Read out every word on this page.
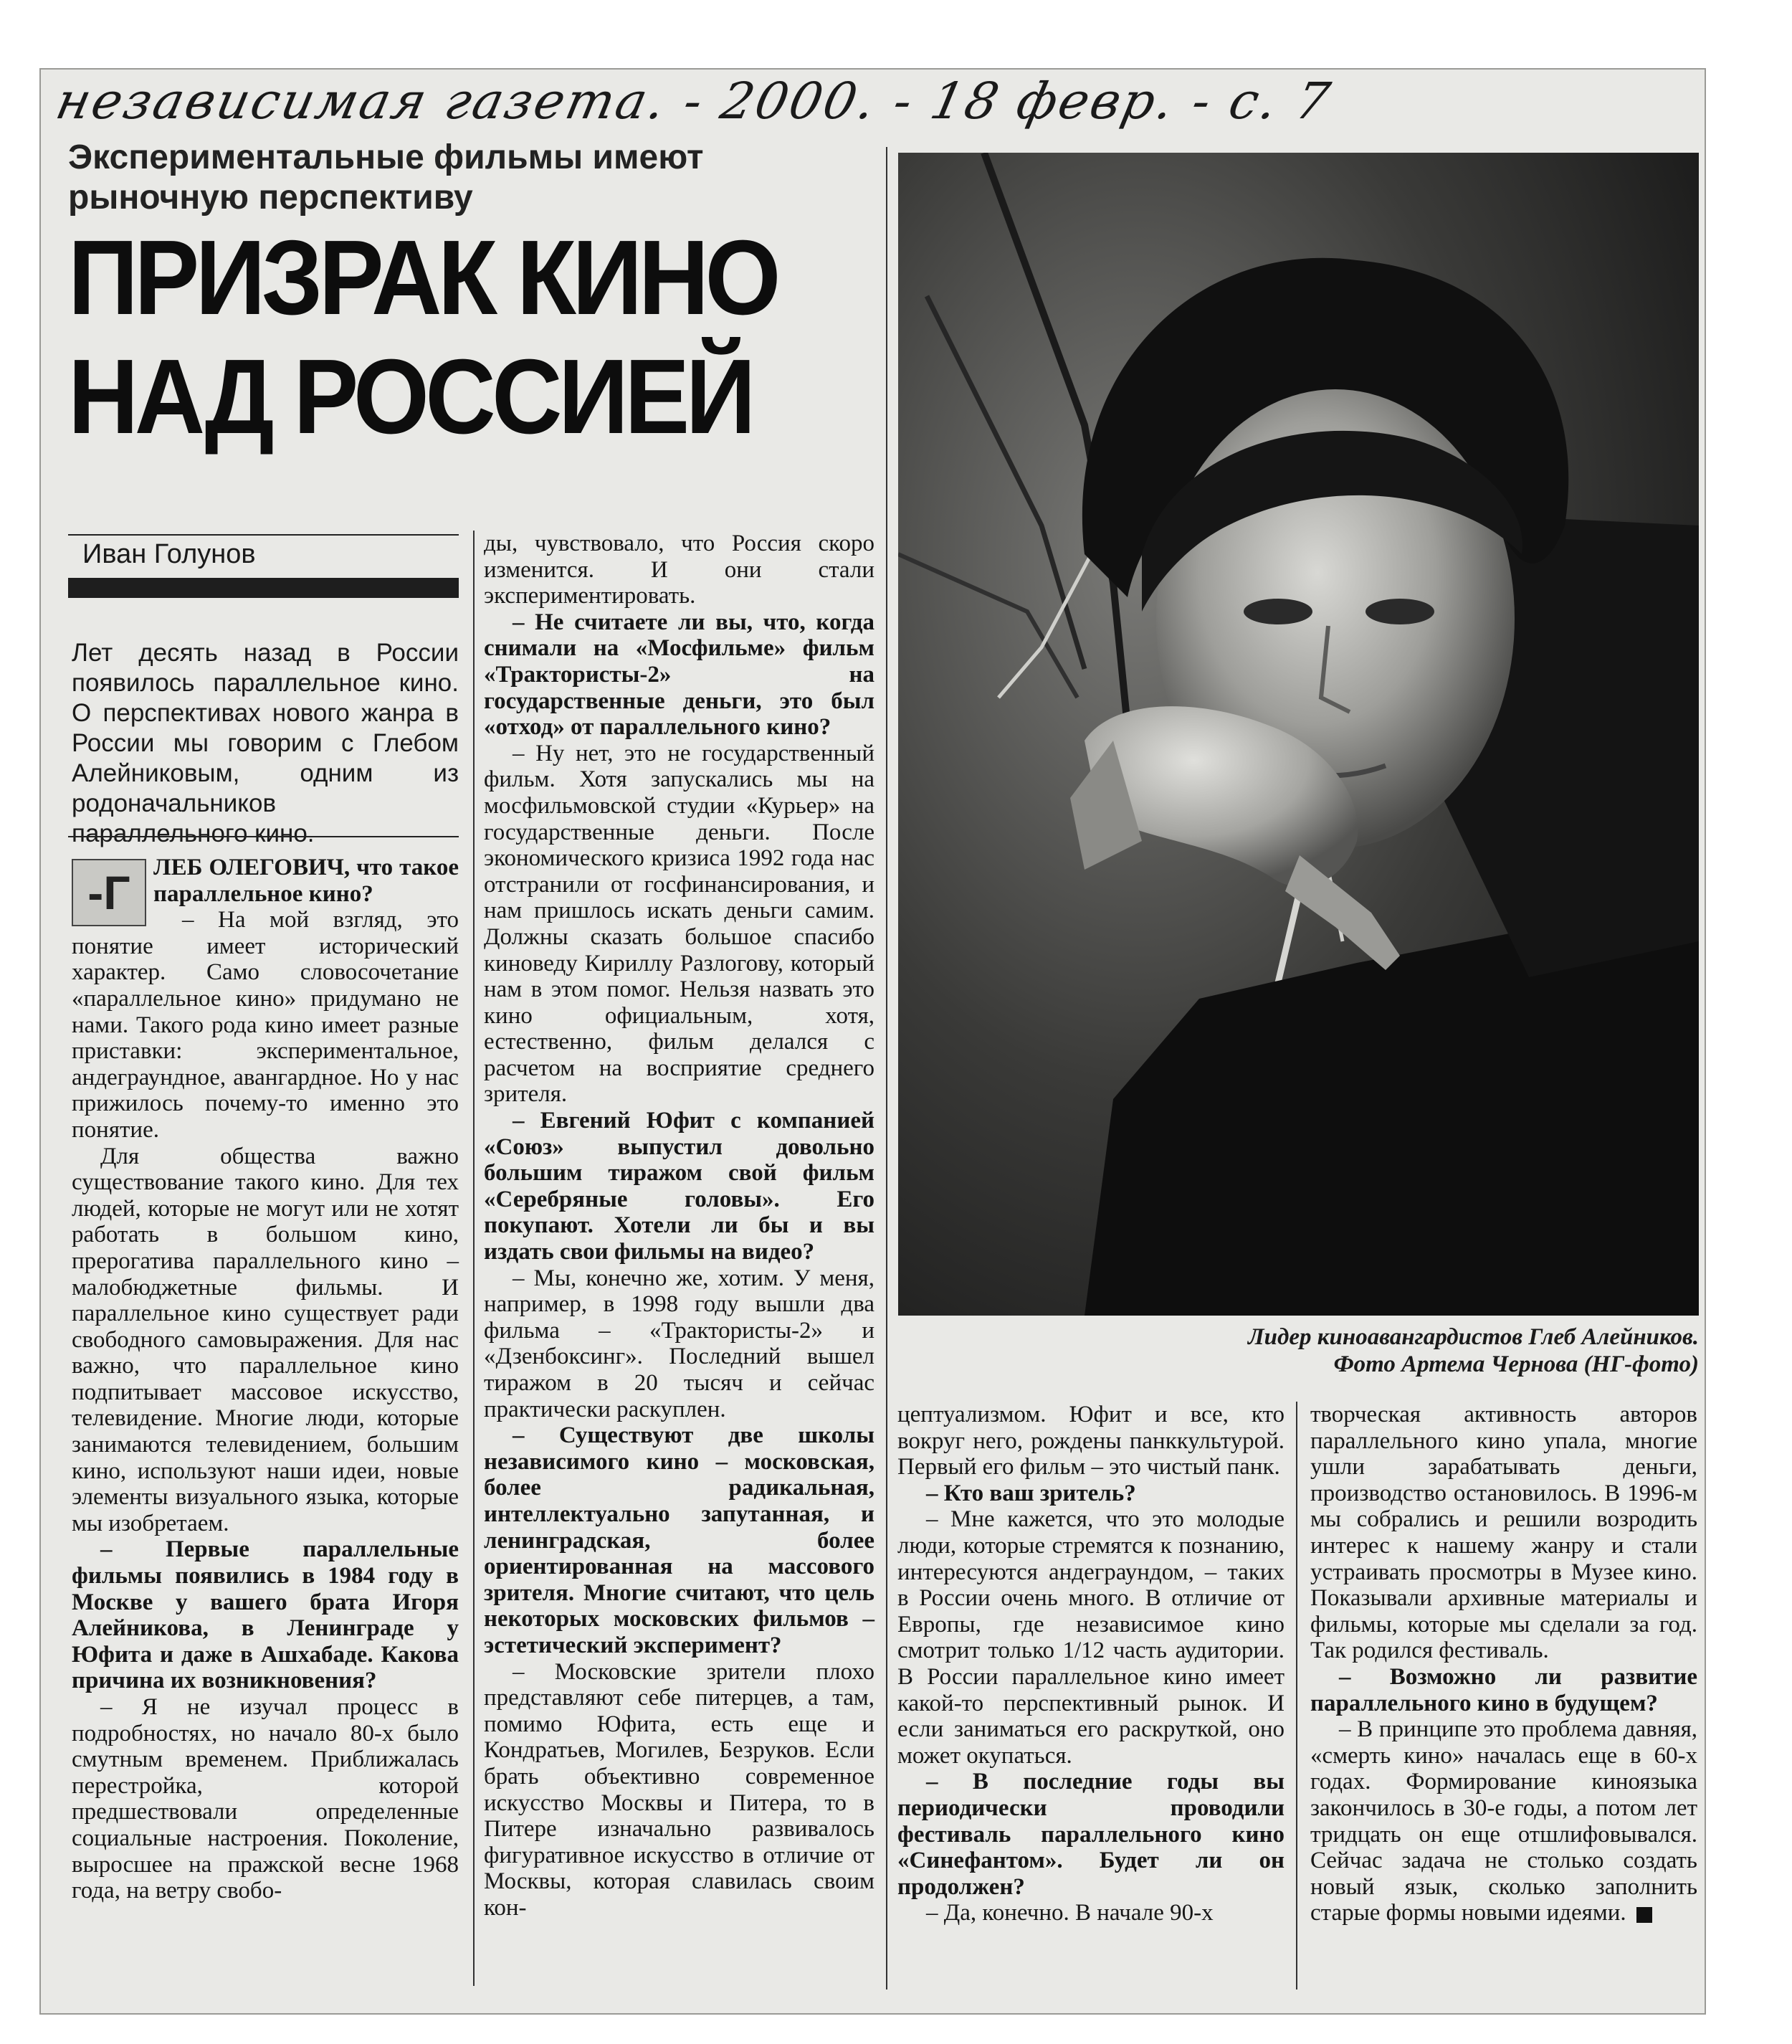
независимая газета. - 2000. - 18 февр. - с. 7
Экспериментальные фильмы имеют рыночную перспективу
ПРИЗРАК КИНО
НАД РОССИЕЙ
Иван Голунов
Лет десять назад в России появилось параллельное кино. О перспективах нового жанра в России мы говорим с Глебом Алейниковым, одним из родоначальников параллельного кино.
-Г ЛЕБ ОЛЕГОВИЧ, что такое параллельное кино?

– На мой взгляд, это понятие имеет исторический характер. Само словосочетание «параллельное кино» придумано не нами. Такого рода кино имеет разные приставки: экспериментальное, андеграундное, авангардное. Но у нас прижилось почему-то именно это понятие.

Для общества важно существование такого кино. Для тех людей, которые не могут или не хотят работать в большом кино, прерогатива параллельного кино – малобюджетные фильмы. И параллельное кино существует ради свободного самовыражения. Для нас важно, что параллельное кино подпитывает массовое искусство, телевидение. Многие люди, которые занимаются телевидением, большим кино, используют наши идеи, новые элементы визуального языка, которые мы изобретаем.

– Первые параллельные фильмы появились в 1984 году в Москве у вашего брата Игоря Алейникова, в Ленинграде у Юфита и даже в Ашхабаде. Какова причина их возникновения?

– Я не изучал процесс в подробностях, но начало 80-х было смутным временем. Приближалась перестройка, которой предшествовали определенные социальные настроения. Поколение, выросшее на пражской весне 1968 года, на ветру свобо-

ды, чувствовало, что Россия скоро изменится. И они стали экспериментировать.

– Не считаете ли вы, что, когда снимали на «Мосфильме» фильм «Трактористы-2» на государственные деньги, это был «отход» от параллельного кино?

– Ну нет, это не государственный фильм. Хотя запускались мы на мосфильмовской студии «Курьер» на государственные деньги. После экономического кризиса 1992 года нас отстранили от госфинансирования, и нам пришлось искать деньги самим. Должны сказать большое спасибо киноведу Кириллу Разлогову, который нам в этом помог. Нельзя назвать это кино официальным, хотя, естественно, фильм делался с расчетом на восприятие среднего зрителя.

– Евгений Юфит с компанией «Союз» выпустил довольно большим тиражом свой фильм «Серебряные головы». Его покупают. Хотели ли бы и вы издать свои фильмы на видео?

– Мы, конечно же, хотим. У меня, например, в 1998 году вышли два фильма – «Трактористы-2» и «Дзенбоксинг». Последний вышел тиражом в 20 тысяч и сейчас практически раскуплен.

– Существуют две школы независимого кино – московская, более радикальная, интеллектуально запутанная, и ленинградская, более ориентированная на массового зрителя. Многие считают, что цель некоторых московских фильмов – эстетический эксперимент?

– Московские зрители плохо представляют себе питерцев, а там, помимо Юфита, есть еще и Кондратьев, Могилев, Безруков. Если брать объективно современное искусство Москвы и Питера, то в Питере изначально развивалось фигуративное искусство в отличие от Москвы, которая славилась своим кон-

Лидер киноавангардистов Глеб Алейников.
Фото Артема Чернова (НГ-фото)

цептуализмом. Юфит и все, кто вокруг него, рождены панккультурой. Первый его фильм – это чистый панк.

– Кто ваш зритель?

– Мне кажется, что это молодые люди, которые стремятся к познанию, интересуются андеграундом, – таких в России очень много. В отличие от Европы, где независимое кино смотрит только 1/12 часть аудитории. В России параллельное кино имеет какой-то перспективный рынок. И если заниматься его раскруткой, оно может окупаться.

– В последние годы вы периодически проводили фестиваль параллельного кино «Синефантом». Будет ли он продолжен?

– Да, конечно. В начале 90-х

творческая активность авторов параллельного кино упала, многие ушли зарабатывать деньги, производство остановилось. В 1996-м мы собрались и решили возродить интерес к нашему жанру и стали устраивать просмотры в Музее кино. Показывали архивные материалы и фильмы, которые мы сделали за год. Так родился фестиваль.

– Возможно ли развитие параллельного кино в будущем?

– В принципе это проблема давняя, «смерть кино» началась еще в 60-х годах. Формирование киноязыка закончилось в 30-е годы, а потом лет тридцать он еще отшлифовывался. Сейчас задача не столько создать новый язык, сколько заполнить старые формы новыми идеями.
